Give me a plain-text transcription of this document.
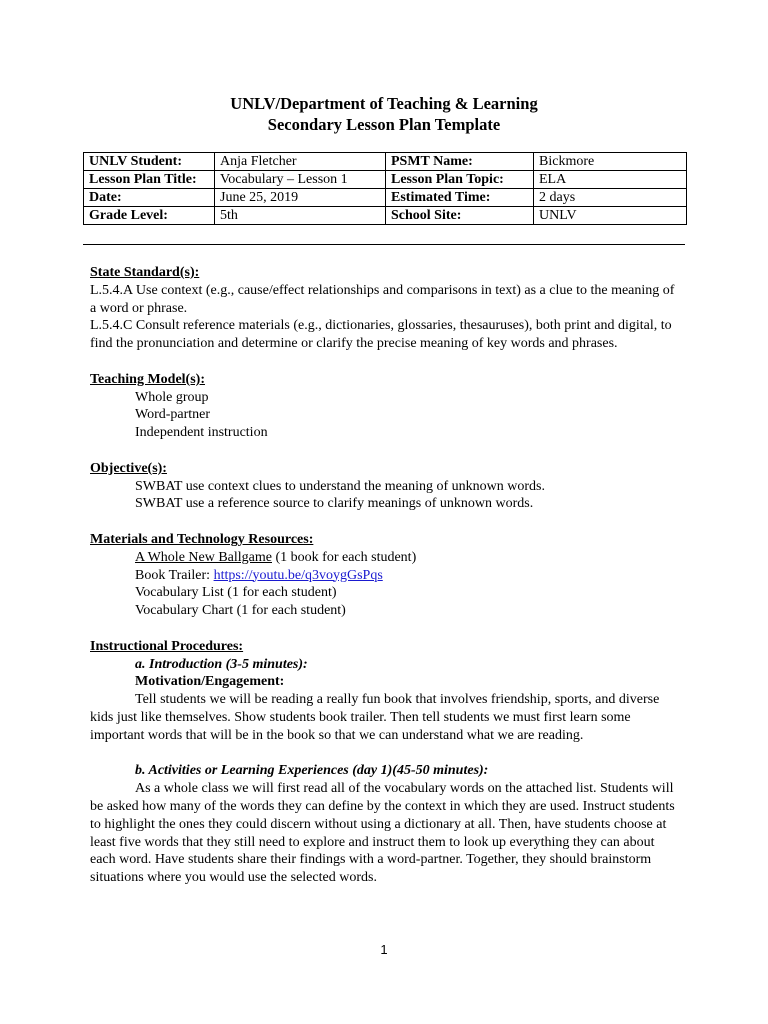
UNLV/Department of Teaching & Learning
Secondary Lesson Plan Template
UNLV Student:	Anja Fletcher	PSMT Name:	Bickmore
Lesson Plan Title:	Vocabulary – Lesson 1	Lesson Plan Topic:	ELA
Date:	June 25, 2019	Estimated Time:	2 days
Grade Level:	5th	School Site:	UNLV

State Standard(s):

L.5.4.A Use context (e.g., cause/effect relationships and comparisons in text) as a clue to the meaning of a word or phrase.

L.5.4.C Consult reference materials (e.g., dictionaries, glossaries, thesauruses), both print and digital, to find the pronunciation and determine or clarify the precise meaning of key words and phrases.

Teaching Model(s):

Whole group

Word-partner

Independent instruction

Objective(s):

SWBAT use context clues to understand the meaning of unknown words.

SWBAT use a reference source to clarify meanings of unknown words.

Materials and Technology Resources:

A Whole New Ballgame (1 book for each student)

Book Trailer: https://youtu.be/q3voygGsPqs

Vocabulary List (1 for each student)

Vocabulary Chart (1 for each student)

Instructional Procedures:

a. Introduction (3-5 minutes):

Motivation/Engagement:

Tell students we will be reading a really fun book that involves friendship, sports, and diverse kids just like themselves. Show students book trailer. Then tell students we must first learn some important words that will be in the book so that we can understand what we are reading.

b. Activities or Learning Experiences (day 1)(45-50 minutes):

As a whole class we will first read all of the vocabulary words on the attached list. Students will be asked how many of the words they can define by the context in which they are used. Instruct students to highlight the ones they could discern without using a dictionary at all. Then, have students choose at least five words that they still need to explore and instruct them to look up everything they can about each word. Have students share their findings with a word-partner. Together, they should brainstorm situations where you would use the selected words.

1
